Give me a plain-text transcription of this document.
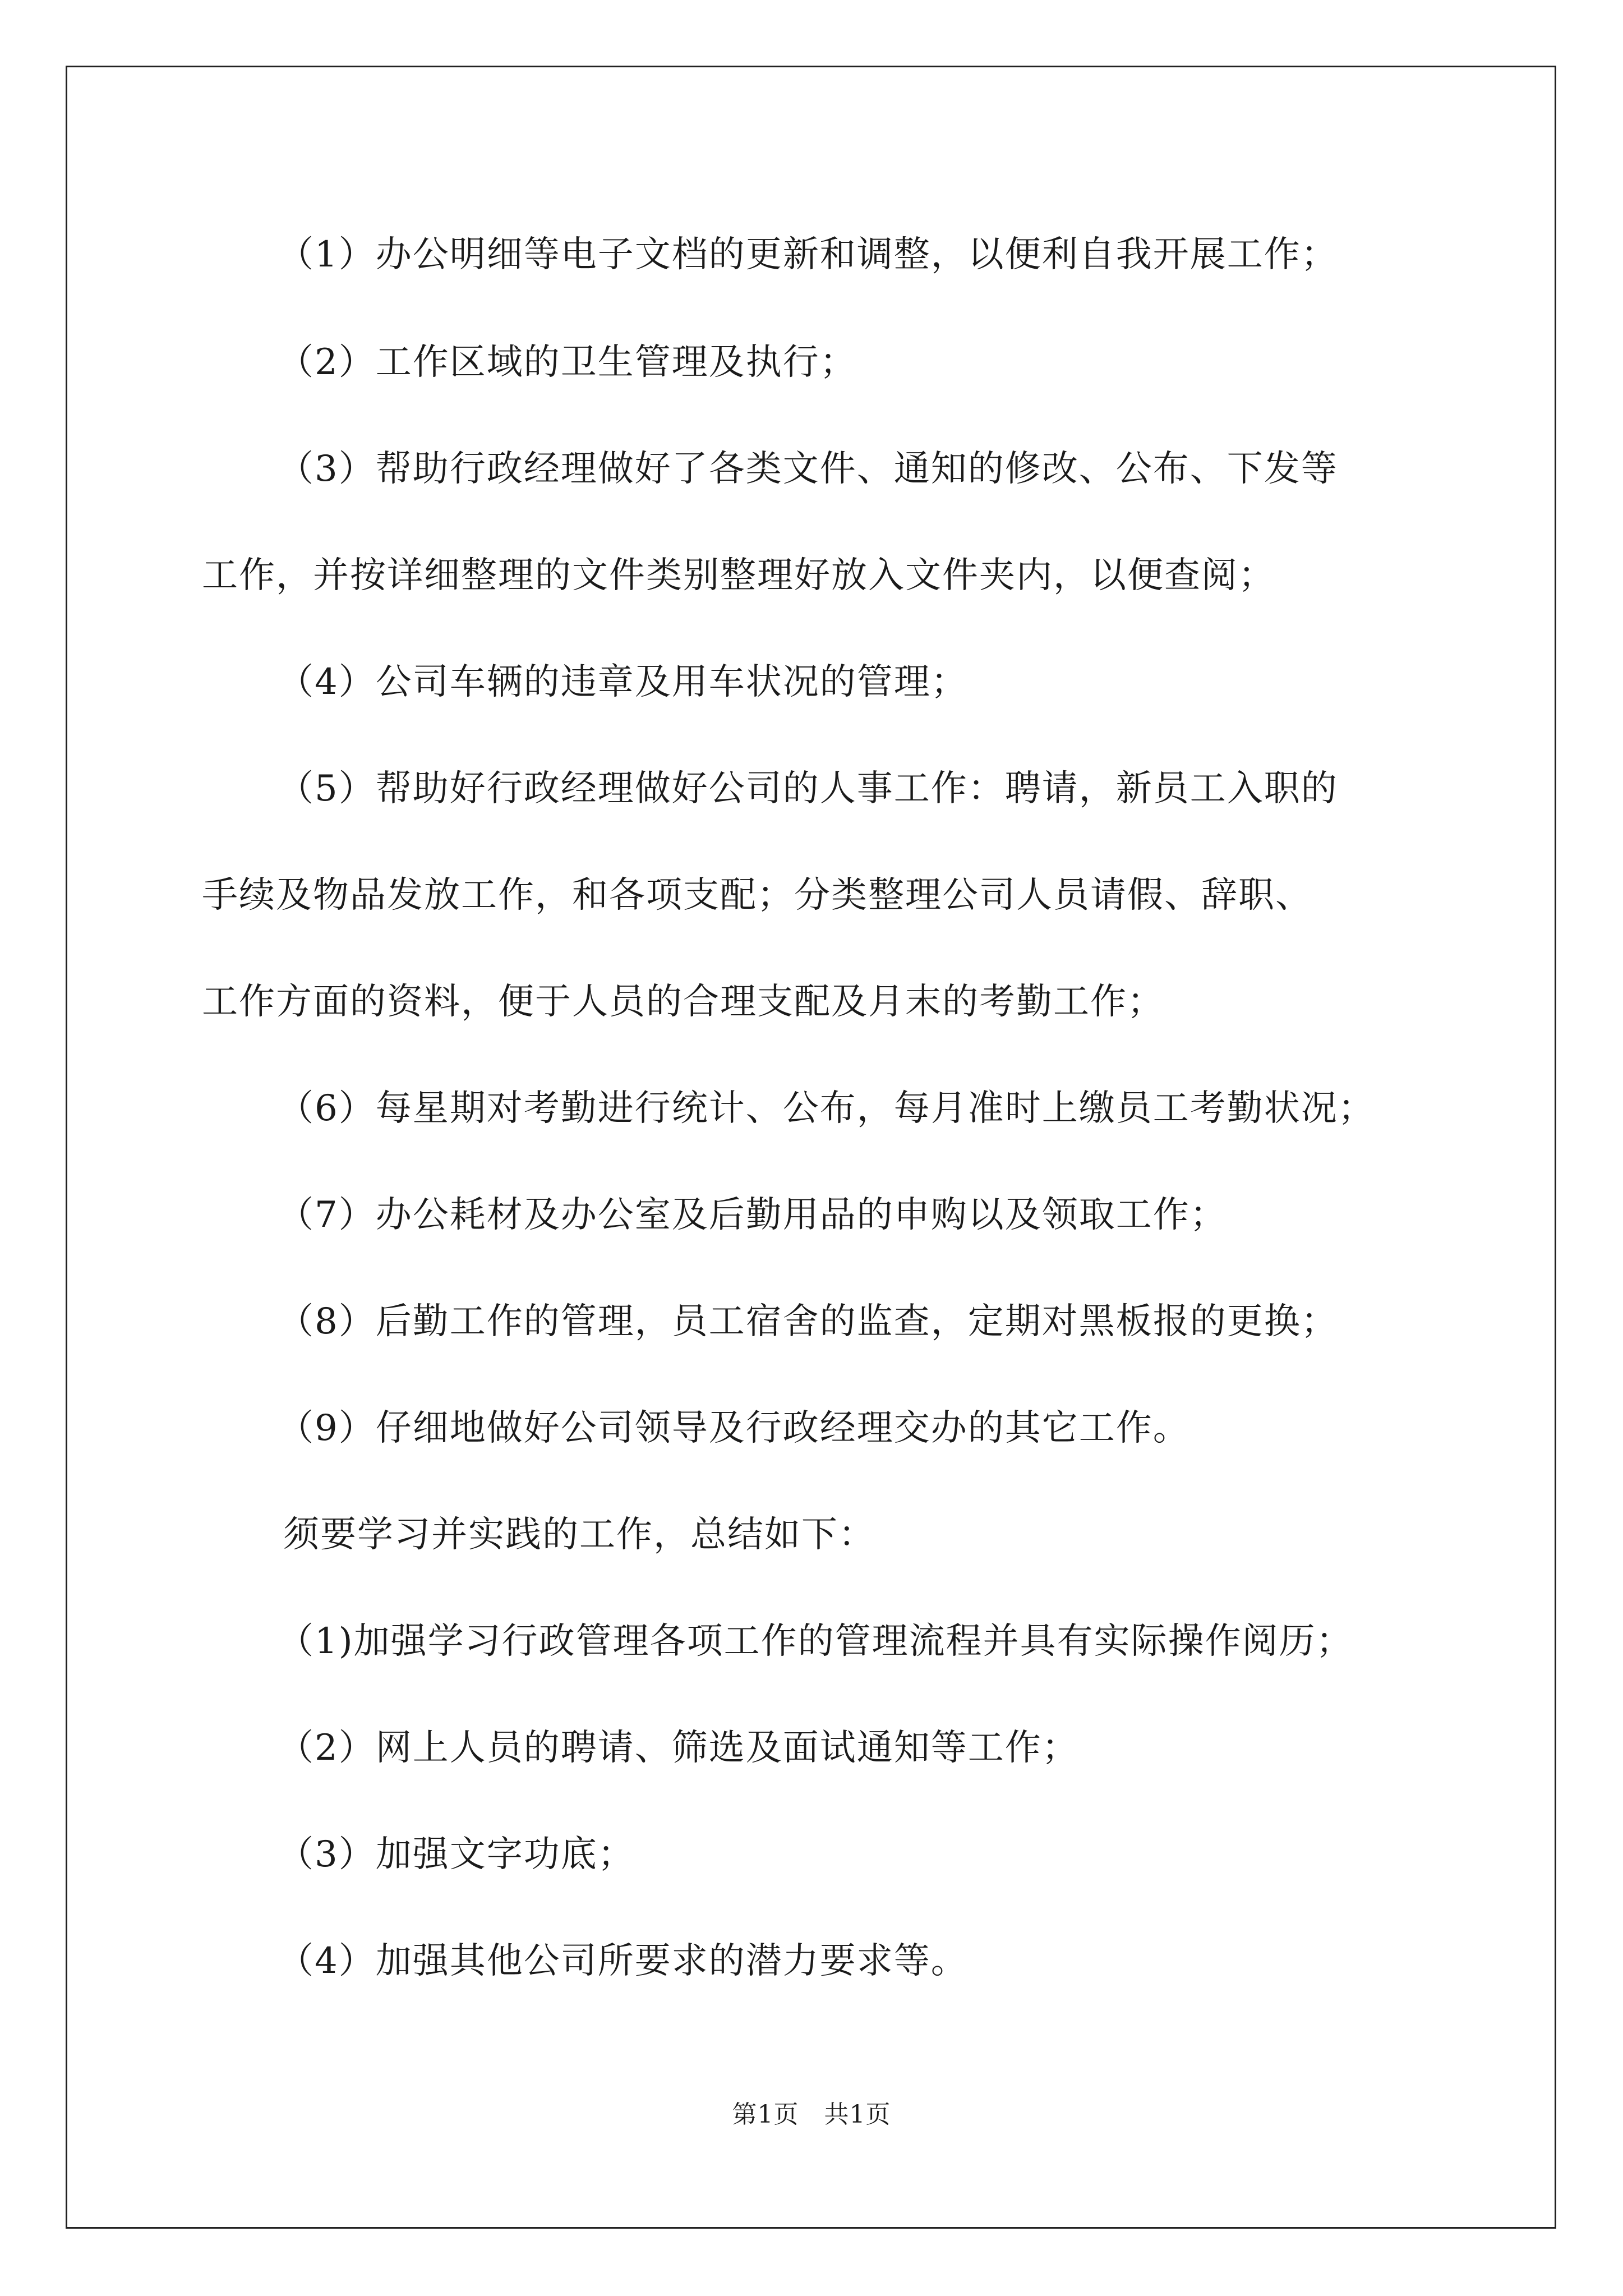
（1）办公明细等电子文档的更新和调整，以便利自我开展工作；
（2）工作区域的卫生管理及执行；
（3）帮助行政经理做好了各类文件、通知的修改、公布、下发等
工作，并按详细整理的文件类别整理好放入文件夹内，以便查阅；
（4）公司车辆的违章及用车状况的管理；
（5）帮助好行政经理做好公司的人事工作：聘请，新员工入职的
手续及物品发放工作，和各项支配；分类整理公司人员请假、辞职、
工作方面的资料，便于人员的合理支配及月末的考勤工作；
（6）每星期对考勤进行统计、公布，每月准时上缴员工考勤状况；
（7）办公耗材及办公室及后勤用品的申购以及领取工作；
（8）后勤工作的管理，员工宿舍的监查，定期对黑板报的更换；
（9）仔细地做好公司领导及行政经理交办的其它工作。
须要学习并实践的工作，总结如下：
（1)加强学习行政管理各项工作的管理流程并具有实际操作阅历；
（2）网上人员的聘请、筛选及面试通知等工作；
（3）加强文字功底；
（4）加强其他公司所要求的潜力要求等。
第1页　共1页
